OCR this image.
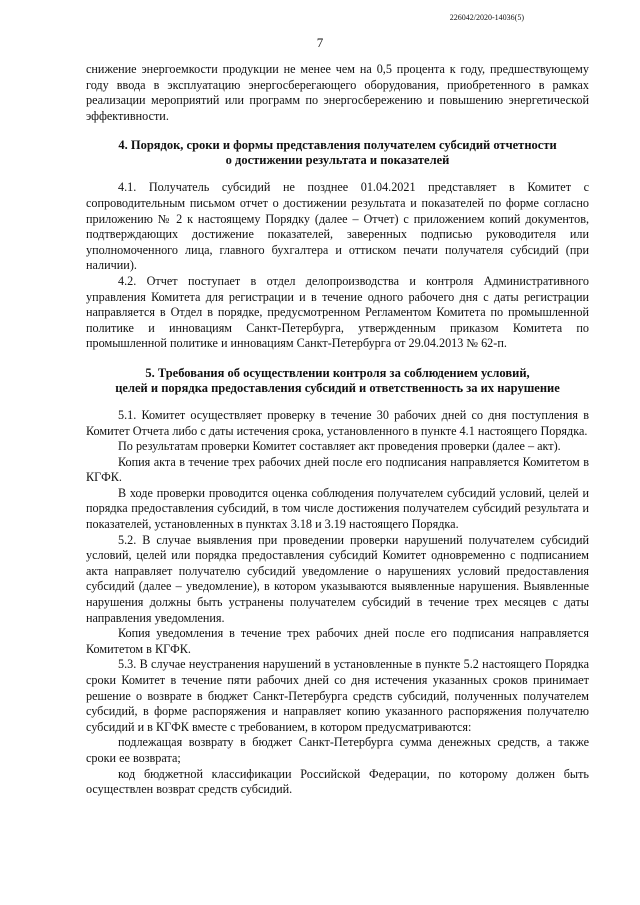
226042/2020-14036(5)
7

снижение энергоемкости продукции не менее чем на 0,5 процента к году, предшествующему году ввода в эксплуатацию энергосберегающего оборудования, приобретенного в рамках реализации мероприятий или программ по энергосбережению и повышению энергетической эффективности.

4. Порядок, сроки и формы представления получателем субсидий отчетности
о достижении результата и показателей

4.1. Получатель субсидий не позднее 01.04.2021 представляет в Комитет с сопроводительным письмом отчет о достижении результата и показателей по форме согласно приложению № 2 к настоящему Порядку (далее – Отчет) с приложением копий документов, подтверждающих достижение показателей, заверенных подписью руководителя или уполномоченного лица, главного бухгалтера и оттиском печати получателя субсидий (при наличии).

4.2. Отчет поступает в отдел делопроизводства и контроля Административного управления Комитета для регистрации и в течение одного рабочего дня с даты регистрации направляется в Отдел в порядке, предусмотренном Регламентом Комитета по промышленной политике и инновациям Санкт-Петербурга, утвержденным приказом Комитета по промышленной политике и инновациям Санкт-Петербурга от 29.04.2013 № 62-п.

5. Требования об осуществлении контроля за соблюдением условий,
целей и порядка предоставления субсидий и ответственность за их нарушение

5.1. Комитет осуществляет проверку в течение 30 рабочих дней со дня поступления в Комитет Отчета либо с даты истечения срока, установленного в пункте 4.1 настоящего Порядка.

По результатам проверки Комитет составляет акт проведения проверки (далее – акт).

Копия акта в течение трех рабочих дней после его подписания направляется Комитетом в КГФК.

В ходе проверки проводится оценка соблюдения получателем субсидий условий, целей и порядка предоставления субсидий, в том числе достижения получателем субсидий результата и показателей, установленных в пунктах 3.18 и 3.19 настоящего Порядка.

5.2. В случае выявления при проведении проверки нарушений получателем субсидий условий, целей или порядка предоставления субсидий Комитет одновременно с подписанием акта направляет получателю субсидий уведомление о нарушениях условий предоставления субсидий (далее – уведомление), в котором указываются выявленные нарушения. Выявленные нарушения должны быть устранены получателем субсидий в течение трех месяцев с даты направления уведомления.

Копия уведомления в течение трех рабочих дней после его подписания направляется Комитетом в КГФК.

5.3. В случае неустранения нарушений в установленные в пункте 5.2 настоящего Порядка сроки Комитет в течение пяти рабочих дней со дня истечения указанных сроков принимает решение о возврате в бюджет Санкт-Петербурга средств субсидий, полученных получателем субсидий, в форме распоряжения и направляет копию указанного распоряжения получателю субсидий и в КГФК вместе с требованием, в котором предусматриваются:

подлежащая возврату в бюджет Санкт-Петербурга сумма денежных средств, а также сроки ее возврата;

код бюджетной классификации Российской Федерации, по которому должен быть осуществлен возврат средств субсидий.
